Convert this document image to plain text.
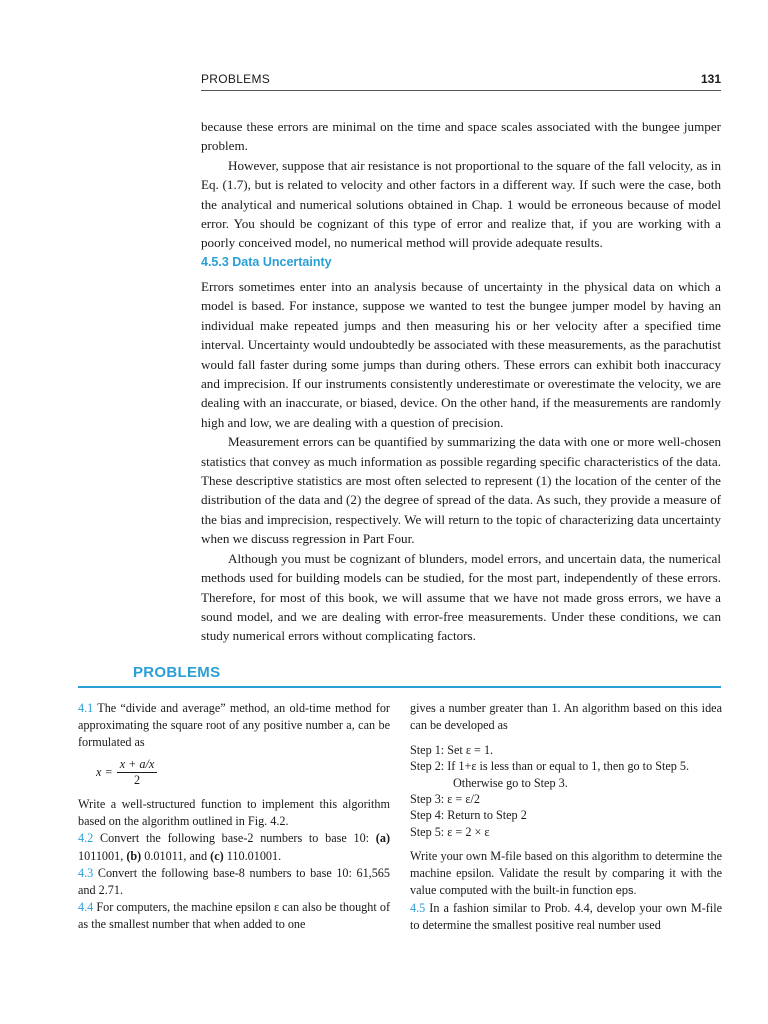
PROBLEMS	131

because these errors are minimal on the time and space scales associated with the bungee jumper problem.

However, suppose that air resistance is not proportional to the square of the fall velocity, as in Eq. (1.7), but is related to velocity and other factors in a different way. If such were the case, both the analytical and numerical solutions obtained in Chap. 1 would be erroneous because of model error. You should be cognizant of this type of error and realize that, if you are working with a poorly conceived model, no numerical method will provide adequate results.

4.5.3 Data Uncertainty

Errors sometimes enter into an analysis because of uncertainty in the physical data on which a model is based. For instance, suppose we wanted to test the bungee jumper model by having an individual make repeated jumps and then measuring his or her velocity after a specified time interval. Uncertainty would undoubtedly be associated with these measurements, as the parachutist would fall faster during some jumps than during others. These errors can exhibit both inaccuracy and imprecision. If our instruments consistently underestimate or overestimate the velocity, we are dealing with an inaccurate, or biased, device. On the other hand, if the measurements are randomly high and low, we are dealing with a question of precision.

Measurement errors can be quantified by summarizing the data with one or more well-chosen statistics that convey as much information as possible regarding specific characteristics of the data. These descriptive statistics are most often selected to represent (1) the location of the center of the distribution of the data and (2) the degree of spread of the data. As such, they provide a measure of the bias and imprecision, respectively. We will return to the topic of characterizing data uncertainty when we discuss regression in Part Four.

Although you must be cognizant of blunders, model errors, and uncertain data, the numerical methods used for building models can be studied, for the most part, independently of these errors. Therefore, for most of this book, we will assume that we have not made gross errors, we have a sound model, and we are dealing with error-free measurements. Under these conditions, we can study numerical errors without complicating factors.

PROBLEMS

4.1 The “divide and average” method, an old-time method for approximating the square root of any positive number a, can be formulated as

$x = \frac{x + a/x}{2}$

Write a well-structured function to implement this algorithm based on the algorithm outlined in Fig. 4.2.

4.2 Convert the following base-2 numbers to base 10: (a) 1011001, (b) 0.01011, and (c) 110.01001.

4.3 Convert the following base-8 numbers to base 10: 61,565 and 2.71.

4.4 For computers, the machine epsilon ε can also be thought of as the smallest number that when added to one

gives a number greater than 1. An algorithm based on this idea can be developed as

Step 1: Set ε = 1.
Step 2: If 1+ε is less than or equal to 1, then go to Step 5.
Otherwise go to Step 3.
Step 3: ε = ε/2
Step 4: Return to Step 2
Step 5: ε = 2 × ε

Write your own M-file based on this algorithm to determine the machine epsilon. Validate the result by comparing it with the value computed with the built-in function eps.

4.5 In a fashion similar to Prob. 4.4, develop your own M-file to determine the smallest positive real number used
